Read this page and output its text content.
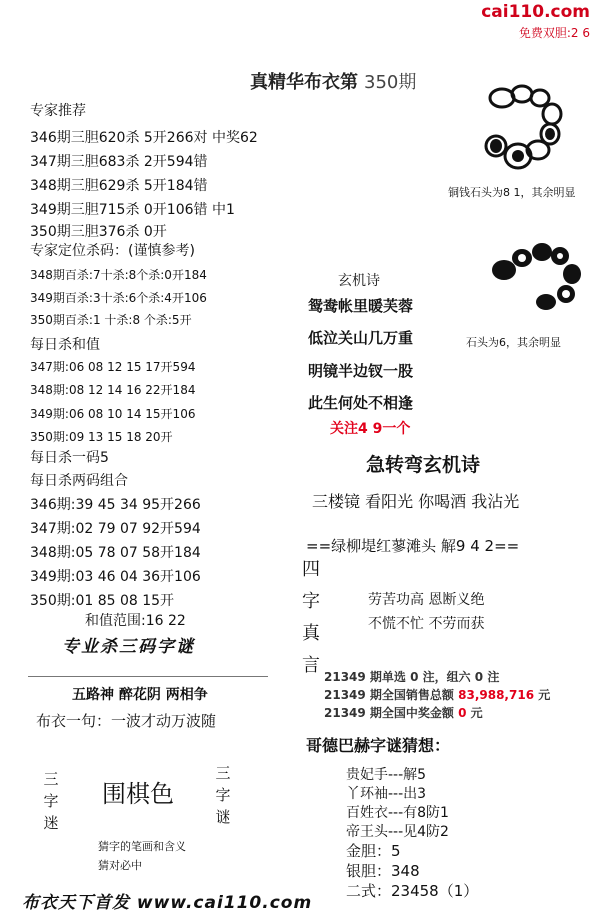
cai110.com
免费双胆:2 6
真精华布衣第 350期
专家推荐
346期三胆620杀 5开266对 中奖62
347期三胆683杀 2开594错
348期三胆629杀 5开184错
349期三胆715杀 0开106错 中1
350期三胆376杀 0开
专家定位杀码：(谨慎参考)
348期百杀:7十杀:8个杀:0开184
349期百杀:3十杀:6个杀:4开106
350期百杀:1 十杀:8 个杀:5开
每日杀和值
347期:06 08 12 15 17开594
348期:08 12 14 16 22开184
349期:06 08 10 14 15开106
350期:09 13 15 18 20开
每日杀一码5
每日杀两码组合
346期:39 45 34 95开266
347期:02 79 07 92开594
348期:05 78 07 58开184
349期:03 46 04 36开106
350期:01 85 08 15开
和值范围:16 22
专业杀三码字谜
五路神 醉花阴 两相争
布衣一句：一波才动万波随
三
字
迷
围棋色
三
字
谜
猜字的笔画和含义
猜对必中
布衣天下首发 www.cai110.com
铜钱石头为8 1，其余明显
石头为6，其余明显
玄机诗
鸳鸯帐里暖芙蓉
低泣关山几万重
明镜半边钗一股
此生何处不相逢
关注4 9一个
急转弯玄机诗
三楼镜 看阳光 你喝酒 我沾光
==绿柳堤红蓼滩头 解9 4 2==
四
字
真
言
劳苦功高 恩断义绝
不慌不忙 不劳而获
21349 期单选 0 注，组六 0 注
21349 期全国销售总额 83,988,716 元
21349 期全国中奖金额 0 元
哥德巴赫字谜猜想：
贵妃手---解5
丫环袖---出3
百姓衣---有8防1
帝王头---见4防2
金胆：5
银胆：348
二式：23458（1）
